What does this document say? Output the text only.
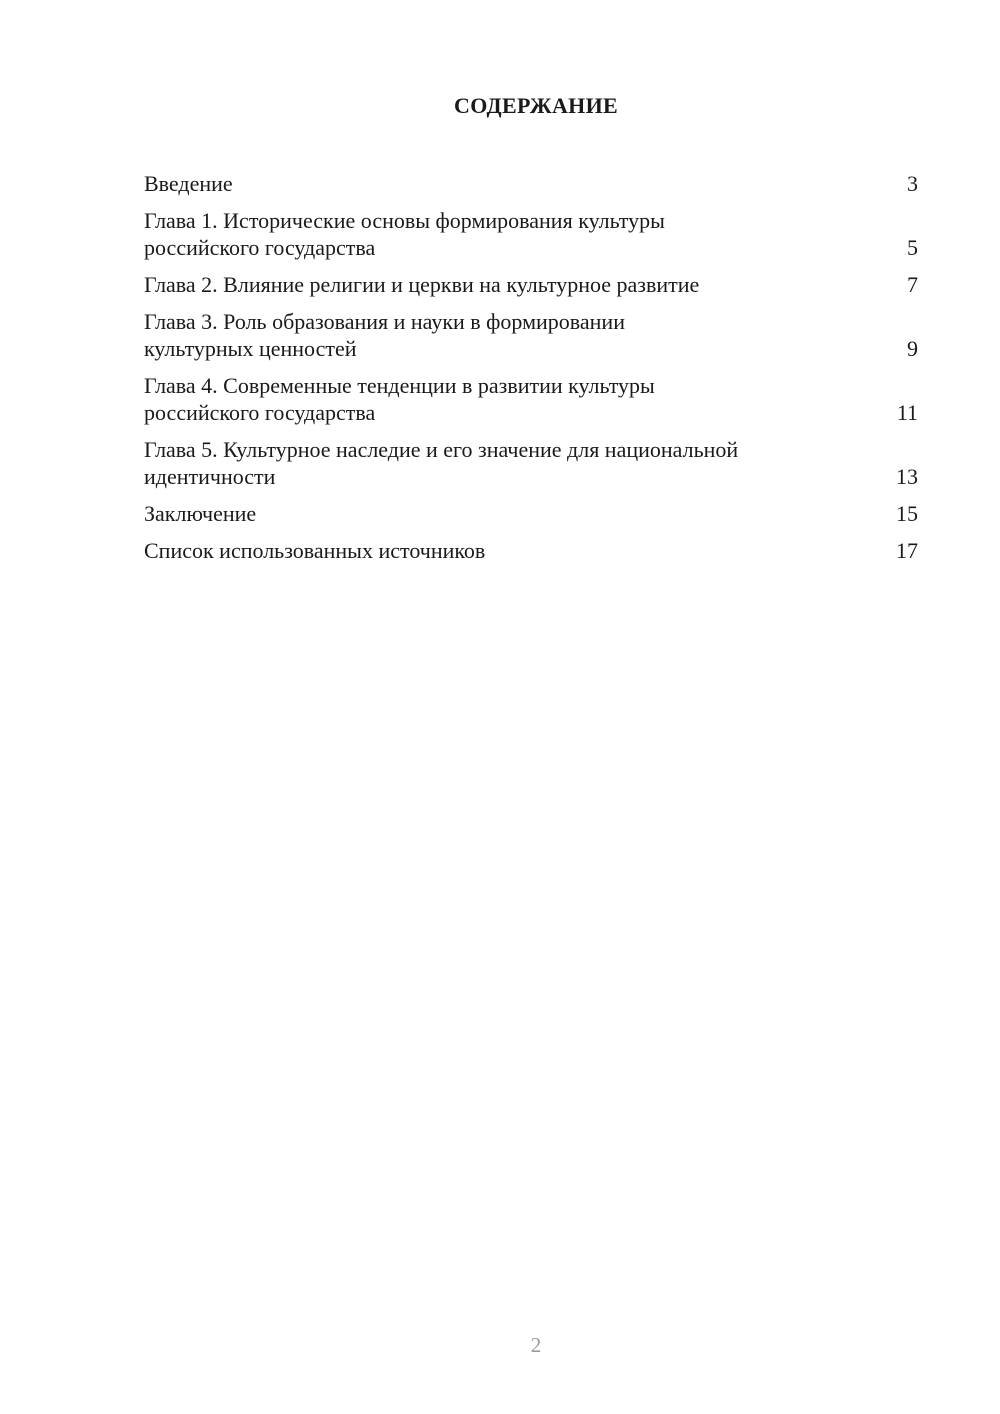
СОДЕРЖАНИЕ
Введение	3
Глава 1. Исторические основы формирования культуры
российского государства	5
Глава 2. Влияние религии и церкви на культурное развитие	7
Глава 3. Роль образования и науки в формировании
культурных ценностей	9
Глава 4. Современные тенденции в развитии культуры
российского государства	11
Глава 5. Культурное наследие и его значение для национальной
идентичности	13
Заключение	15
Список использованных источников	17
2
